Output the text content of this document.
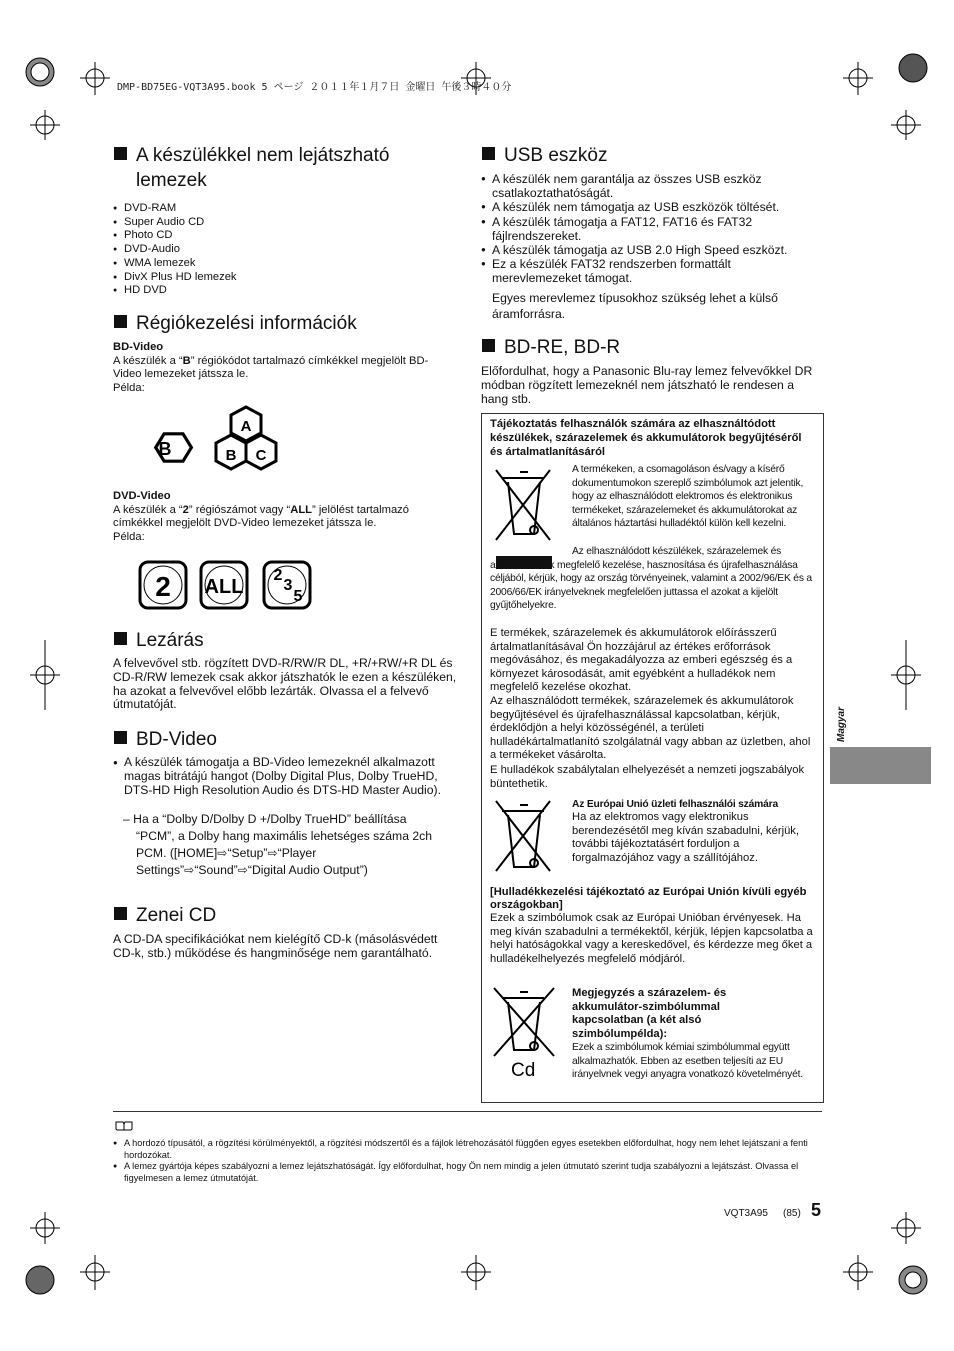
DMP-BD75EG-VQT3A95.book 5 ページ ２０１１年１月７日 金曜日 午後３時４０分
A készülékkel nem lejátszható
lemezek
● DVD-RAM
● Super Audio CD
● Photo CD
● DVD-Audio
● WMA lemezek
● DivX Plus HD lemezek
● HD DVD
Régiókezelési információk
BD-Video
A készülék a “B” régiókódot tartalmazó címkékkel megjelölt BD-Video lemezeket játssza le.
Példa:
B
A
B C
DVD-Video
A készülék a “2” régiószámot vagy “ALL” jelölést tartalmazó címkékkel megjelölt DVD-Video lemezeket játssza le.
Példa:
2 ALL
2
3
5
Lezárás
A felvevővel stb. rögzített DVD-R/RW/R DL, +R/+RW/+R DL és CD-R/RW lemezek csak akkor játszhatók le ezen a készüléken, ha azokat a felvevővel előbb lezárták. Olvassa el a felvevő útmutatóját.
BD-Video
● A készülék támogatja a BD-Video lemezeknél alkalmazott magas bitrátájú hangot (Dolby Digital Plus, Dolby TrueHD, DTS-HD High Resolution Audio és DTS-HD Master Audio).
– Ha a “Dolby D/Dolby D +/Dolby TrueHD” beállítása
“PCM”, a Dolby hang maximális lehetséges száma 2ch
PCM. ([HOME]⇨“Setup”⇨“Player
Settings”⇨“Sound”⇨“Digital Audio Output”)
Zenei CD
A CD-DA specifikációkat nem kielégítő CD-k (másolásvédett CD-k, stb.) működése és hangminősége nem garantálható.
USB eszköz
● A készülék nem garantálja az összes USB eszköz csatlakoztathatóságát.
● A készülék nem támogatja az USB eszközök töltését.
● A készülék támogatja a FAT12, FAT16 és FAT32 fájlrendszereket.
● A készülék támogatja az USB 2.0 High Speed eszközt.
● Ez a készülék FAT32 rendszerben formattált merevlemezeket támogat.
Egyes merevlemez típusokhoz szükség lehet a külső áramforrásra.
BD-RE, BD-R
Előfordulhat, hogy a Panasonic Blu-ray lemez felvevőkkel DR módban rögzített lemezeknél nem játszható le rendesen a hang stb.
Tájékoztatás felhasználók számára az elhasználtódott készülékek, szárazelemek és akkumulátorok begyűjtéséről és ártalmatlanításáról
A termékeken, a csomagoláson és/vagy a kísérő dokumentumokon szereplő szimbólumok azt jelentik, hogy az elhasználódott elektromos és elektronikus termékeket, szárazelemeket és akkumulátorokat az általános háztartási hulladéktól külön kell kezelni.
Az elhasználódott készülékek, szárazelemek és akkumulátorok megfelelő kezelése, hasznosítása és újrafelhasználása céljából, kérjük, hogy az ország törvényeinek, valamint a 2002/96/EK és a 2006/66/EK irányelveknek megfelelően juttassa el azokat a kijelölt gyűjtőhelyekre.
E termékek, szárazelemek és akkumulátorok előírásszerű ártalmatlanításával Ön hozzájárul az értékes erőforrások megóvásához, és megakadályozza az emberi egészség és a környezet károsodását, amit egyébként a hulladékok nem megfelelő kezelése okozhat.
Az elhasználódott termékek, szárazelemek és akkumulátorok begyűjtésével és újrafelhasználással kapcsolatban, kérjük, érdeklődjön a helyi közösségénél, a területi hulladékártalmatlanító szolgálatnál vagy abban az üzletben, ahol a termékeket vásárolta.
E hulladékok szabálytalan elhelyezését a nemzeti jogszabályok büntethetik.
Az Európai Unió üzleti felhasználói számára
Ha az elektromos vagy elektronikus berendezésétől meg kíván szabadulni, kérjük, további tájékoztatásért forduljon a forgalmazójához vagy a szállítójához.
[Hulladékkezelési tájékoztató az Európai Unión kívüli egyéb országokban]
Ezek a szimbólumok csak az Európai Unióban érvényesek. Ha meg kíván szabadulni a termékektől, kérjük, lépjen kapcsolatba a helyi hatóságokkal vagy a kereskedővel, és kérdezze meg őket a hulladékelhelyezés megfelelő módjáról.
Cd
Megjegyzés a szárazelem- és akkumulátor-szimbólummal kapcsolatban (a két alsó szimbólumpélda):
Ezek a szimbólumok kémiai szimbólummal együtt alkalmazhatók. Ebben az esetben teljesíti az EU irányelvnek vegyi anyagra vonatkozó követelményét.
Magyar
● A hordozó típusától, a rögzítési körülményektől, a rögzítési módszertől és a fájlok létrehozásától függően egyes esetekben előfordulhat, hogy nem lehet lejátszani a fenti hordozókat.
● A lemez gyártója képes szabályozni a lemez lejátszhatóságát. Így előfordulhat, hogy Ön nem mindig a jelen útmutató szerint tudja szabályozni a lejátszást. Olvassa el figyelmesen a lemez útmutatóját.
VQT3A95 (85) 5
